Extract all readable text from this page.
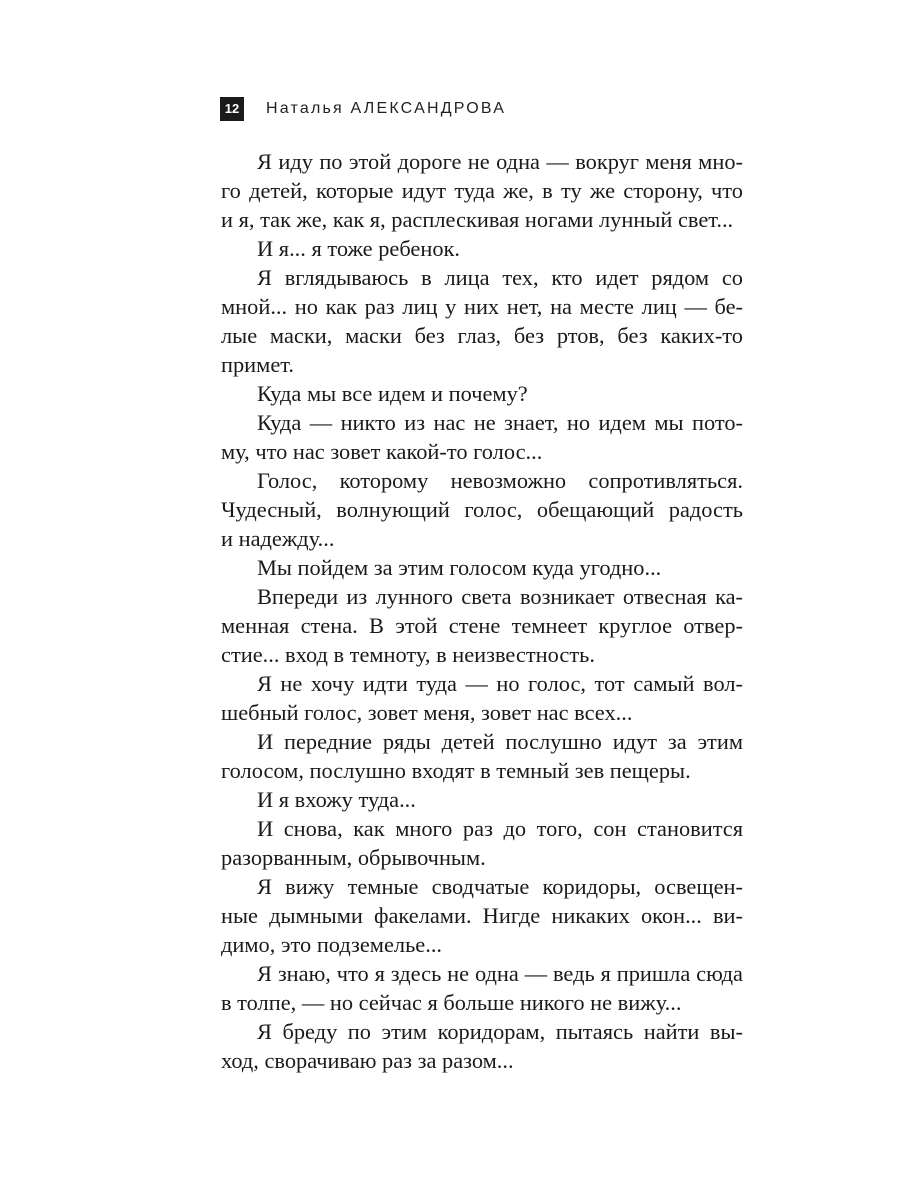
12 Наталья АЛЕКСАНДРОВА
Я иду по этой дороге не одна — вокруг меня мно-
го детей, которые идут туда же, в ту же сторону, что
и я, так же, как я, расплескивая ногами лунный свет...
И я... я тоже ребенок.
Я вглядываюсь в лица тех, кто идет рядом со
мной... но как раз лиц у них нет, на месте лиц — бе-
лые маски, маски без глаз, без ртов, без каких-то
примет.
Куда мы все идем и почему?
Куда — никто из нас не знает, но идем мы пото-
му, что нас зовет какой-то голос...
Голос, которому невозможно сопротивляться.
Чудесный, волнующий голос, обещающий радость
и надежду...
Мы пойдем за этим голосом куда угодно...
Впереди из лунного света возникает отвесная ка-
менная стена. В этой стене темнеет круглое отвер-
стие... вход в темноту, в неизвестность.
Я не хочу идти туда — но голос, тот самый вол-
шебный голос, зовет меня, зовет нас всех...
И передние ряды детей послушно идут за этим
голосом, послушно входят в темный зев пещеры.
И я вхожу туда...
И снова, как много раз до того, сон становится
разорванным, обрывочным.
Я вижу темные сводчатые коридоры, освещен-
ные дымными факелами. Нигде никаких окон... ви-
димо, это подземелье...
Я знаю, что я здесь не одна — ведь я пришла сюда
в толпе, — но сейчас я больше никого не вижу...
Я бреду по этим коридорам, пытаясь найти вы-
ход, сворачиваю раз за разом...
